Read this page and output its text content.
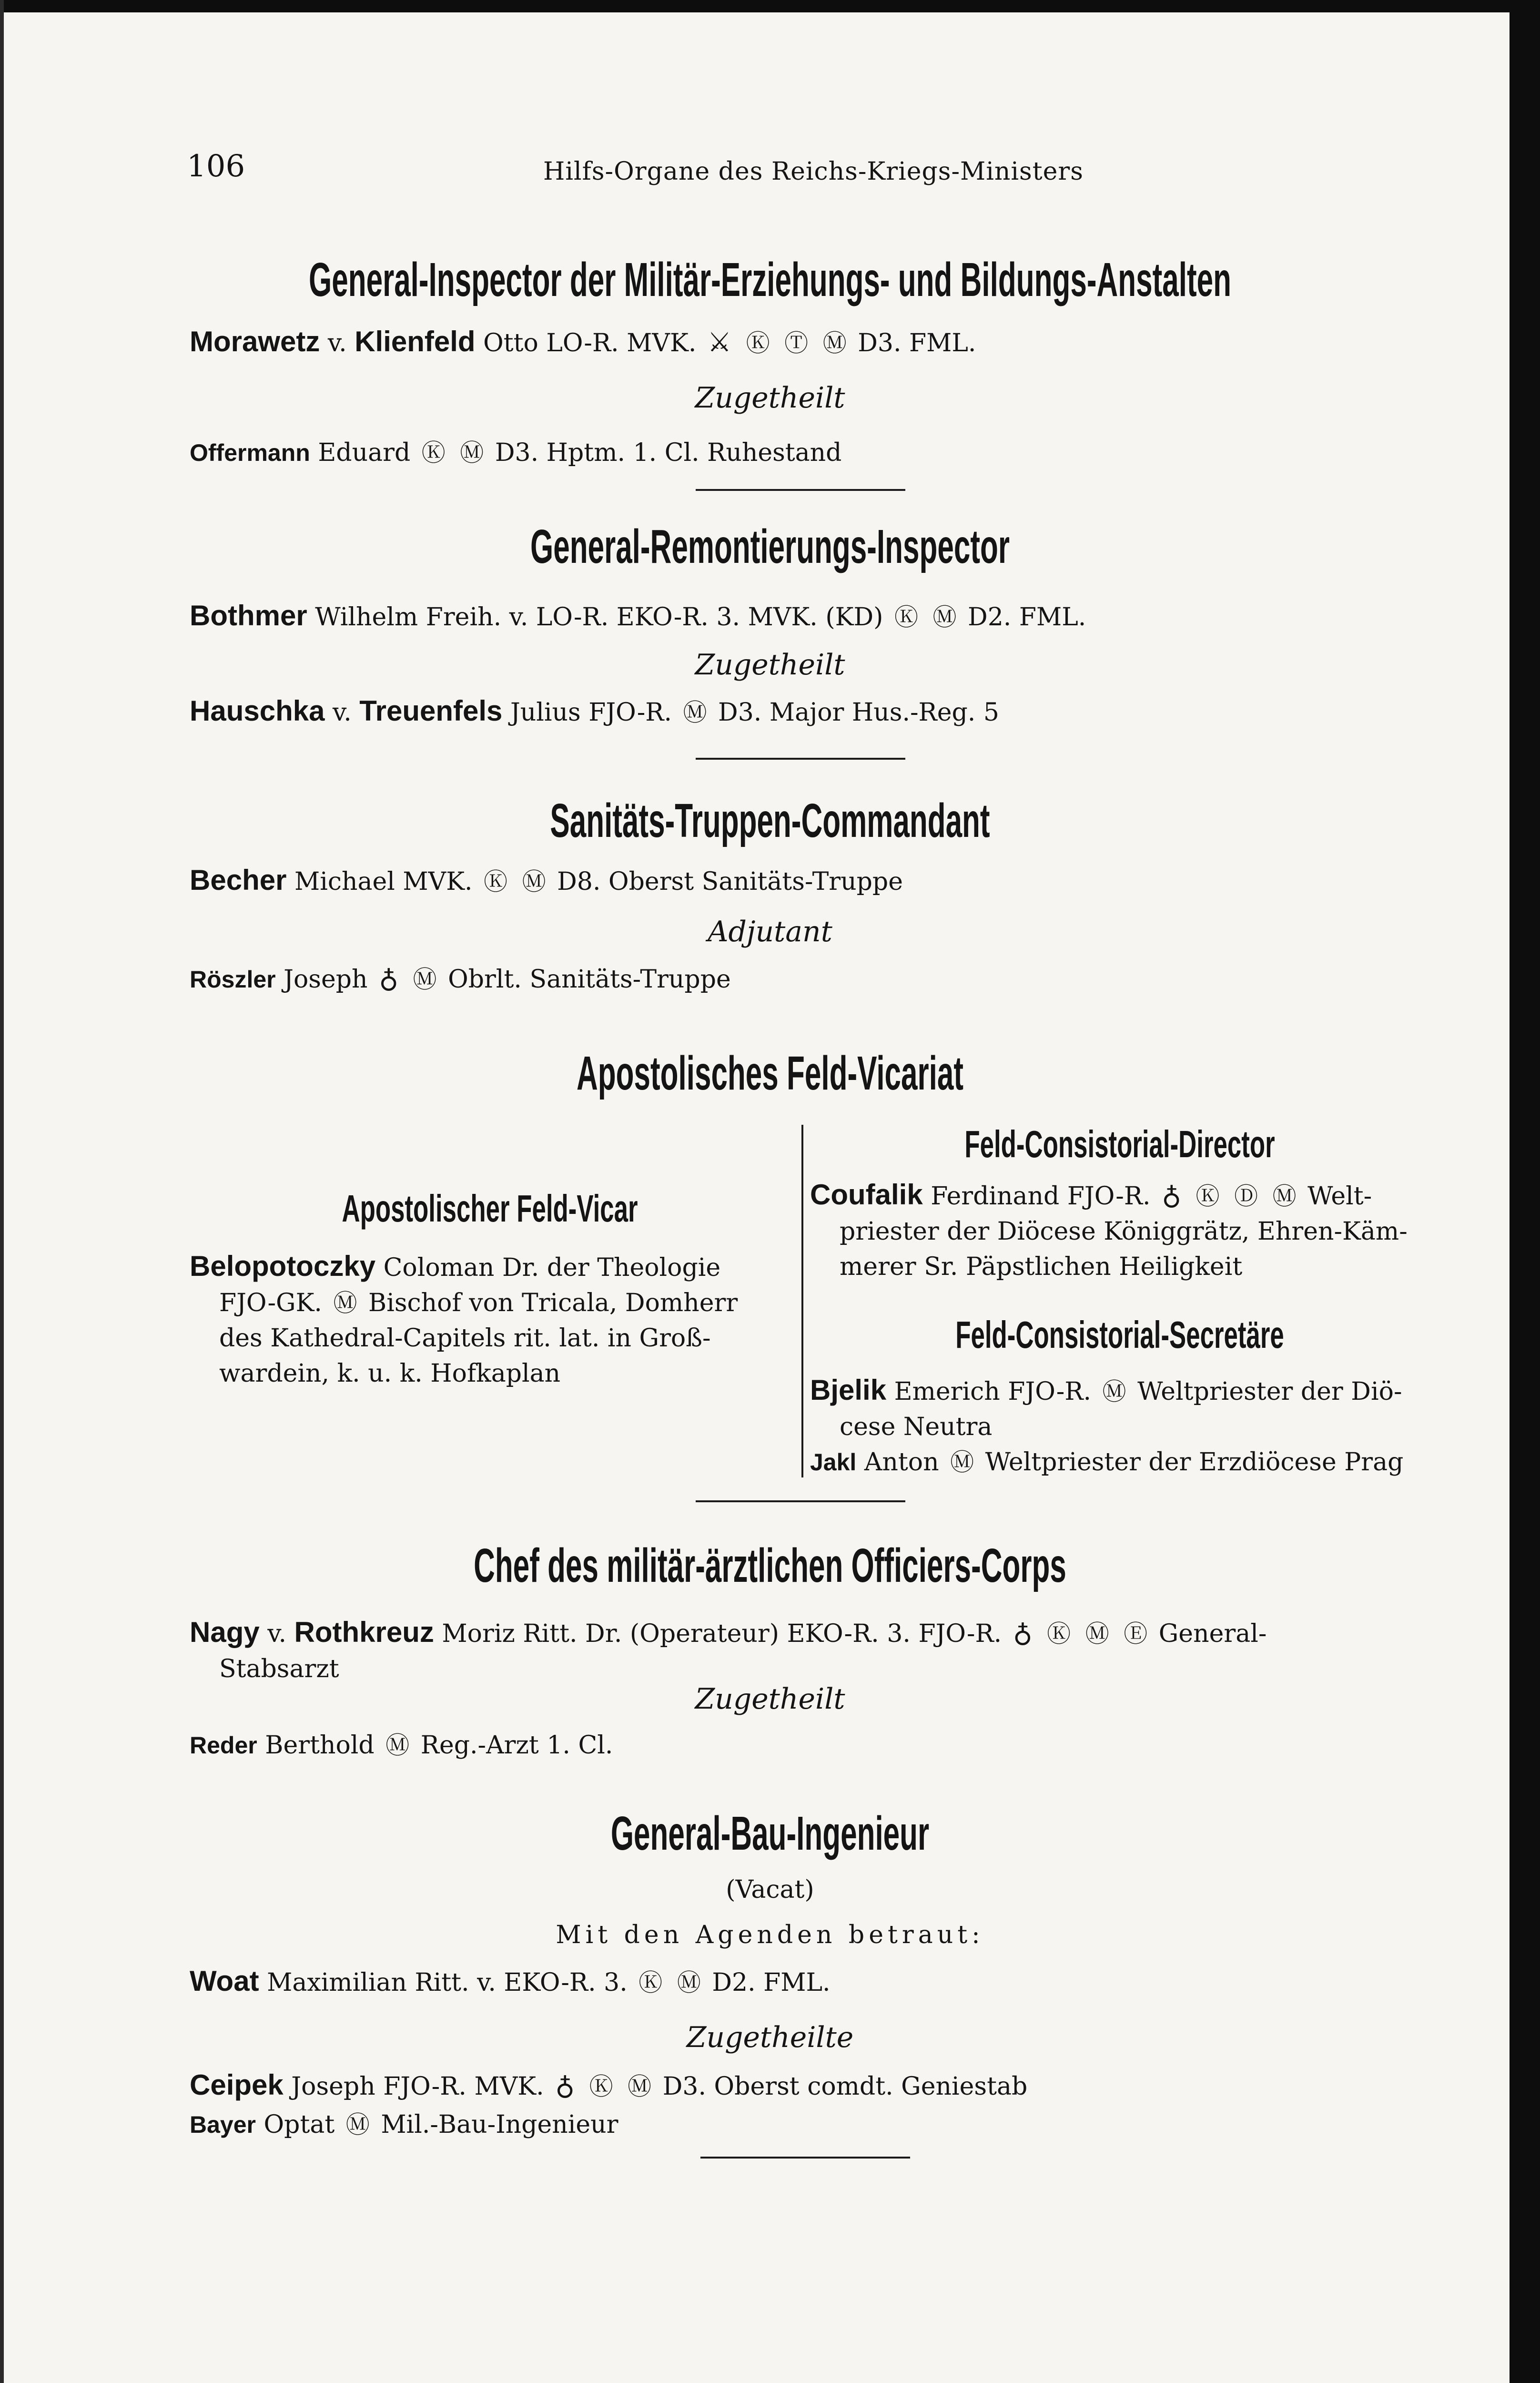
106	Hilfs-Organe des Reichs-Kriegs-Ministers
General-Inspector der Militär-Erziehungs- und Bildungs-Anstalten
Morawetz v. Klienfeld Otto LO-R. MVK. ⚔ Ⓚ Ⓣ Ⓜ D3. FML.
Zugetheilt
Offermann Eduard Ⓚ Ⓜ D3. Hptm. 1. Cl. Ruhestand
General-Remontierungs-Inspector
Bothmer Wilhelm Freih. v. LO-R. EKO-R. 3. MVK. (KD) Ⓚ Ⓜ D2. FML.
Zugetheilt
Hauschka v. Treuenfels Julius FJO-R. Ⓜ D3. Major Hus.-Reg. 5
Sanitäts-Truppen-Commandant
Becher Michael MVK. Ⓚ Ⓜ D8. Oberst Sanitäts-Truppe
Adjutant
Röszler Joseph ♁ Ⓜ Obrlt. Sanitäts-Truppe
Apostolisches Feld-Vicariat
Apostolischer Feld-Vicar
Belopotoczky Coloman Dr. der Theologie
FJO-GK. Ⓜ Bischof von Tricala, Domherr
des Kathedral-Capitels rit. lat. in Groß-
wardein, k. u. k. Hofkaplan
Feld-Consistorial-Director
Coufalik Ferdinand FJO-R. ♁ Ⓚ Ⓓ Ⓜ Welt-
priester der Diöcese Königgrätz, Ehren-Käm-
merer Sr. Päpstlichen Heiligkeit
Feld-Consistorial-Secretäre
Bjelik Emerich FJO-R. Ⓜ Weltpriester der Diö-
cese Neutra
Jakl Anton Ⓜ Weltpriester der Erzdiöcese Prag
Chef des militär-ärztlichen Officiers-Corps
Nagy v. Rothkreuz Moriz Ritt. Dr. (Operateur) EKO-R. 3. FJO-R. ♁ Ⓚ Ⓜ Ⓔ General-
Stabsarzt
Zugetheilt
Reder Berthold Ⓜ Reg.-Arzt 1. Cl.
General-Bau-Ingenieur
(Vacat)
Mit den Agenden betraut:
Woat Maximilian Ritt. v. EKO-R. 3. Ⓚ Ⓜ D2. FML.
Zugetheilte
Ceipek Joseph FJO-R. MVK. ♁ Ⓚ Ⓜ D3. Oberst comdt. Geniestab
Bayer Optat Ⓜ Mil.-Bau-Ingenieur
